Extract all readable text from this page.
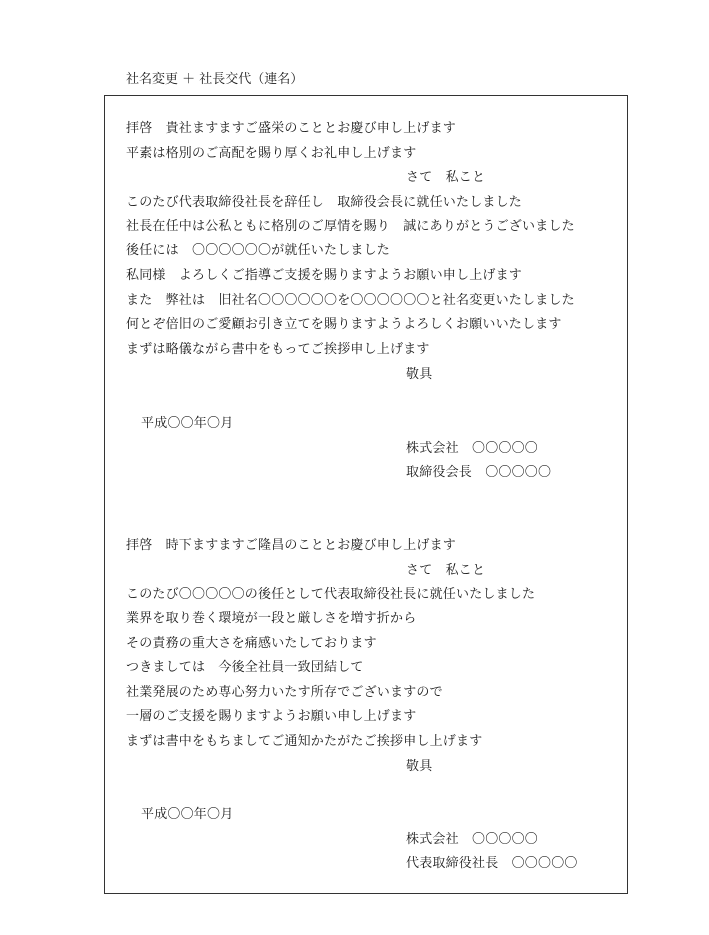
社名変更 ＋ 社長交代（連名）
拝啓　貴社ますますご盛栄のこととお慶び申し上げます
平素は格別のご高配を賜り厚くお礼申し上げます
さて　私こと
このたび代表取締役社長を辞任し　取締役会長に就任いたしました
社長在任中は公私ともに格別のご厚情を賜り　誠にありがとうございました
後任には　〇〇〇〇〇〇が就任いたしました
私同様　よろしくご指導ご支援を賜りますようお願い申し上げます
また　弊社は　旧社名〇〇〇〇〇〇を〇〇〇〇〇〇と社名変更いたしました
何とぞ倍旧のご愛顧お引き立てを賜りますようよろしくお願いいたします
まずは略儀ながら書中をもってご挨拶申し上げます
敬具
平成〇〇年〇月
株式会社　〇〇〇〇〇
取締役会長　〇〇〇〇〇
拝啓　時下ますますご隆昌のこととお慶び申し上げます
さて　私こと
このたび〇〇〇〇〇の後任として代表取締役社長に就任いたしました
業界を取り巻く環境が一段と厳しさを増す折から
その責務の重大さを痛感いたしております
つきましては　今後全社員一致団結して
社業発展のため専心努力いたす所存でございますので
一層のご支援を賜りますようお願い申し上げます
まずは書中をもちましてご通知かたがたご挨拶申し上げます
敬具
平成〇〇年〇月
株式会社　〇〇〇〇〇
代表取締役社長　〇〇〇〇〇
